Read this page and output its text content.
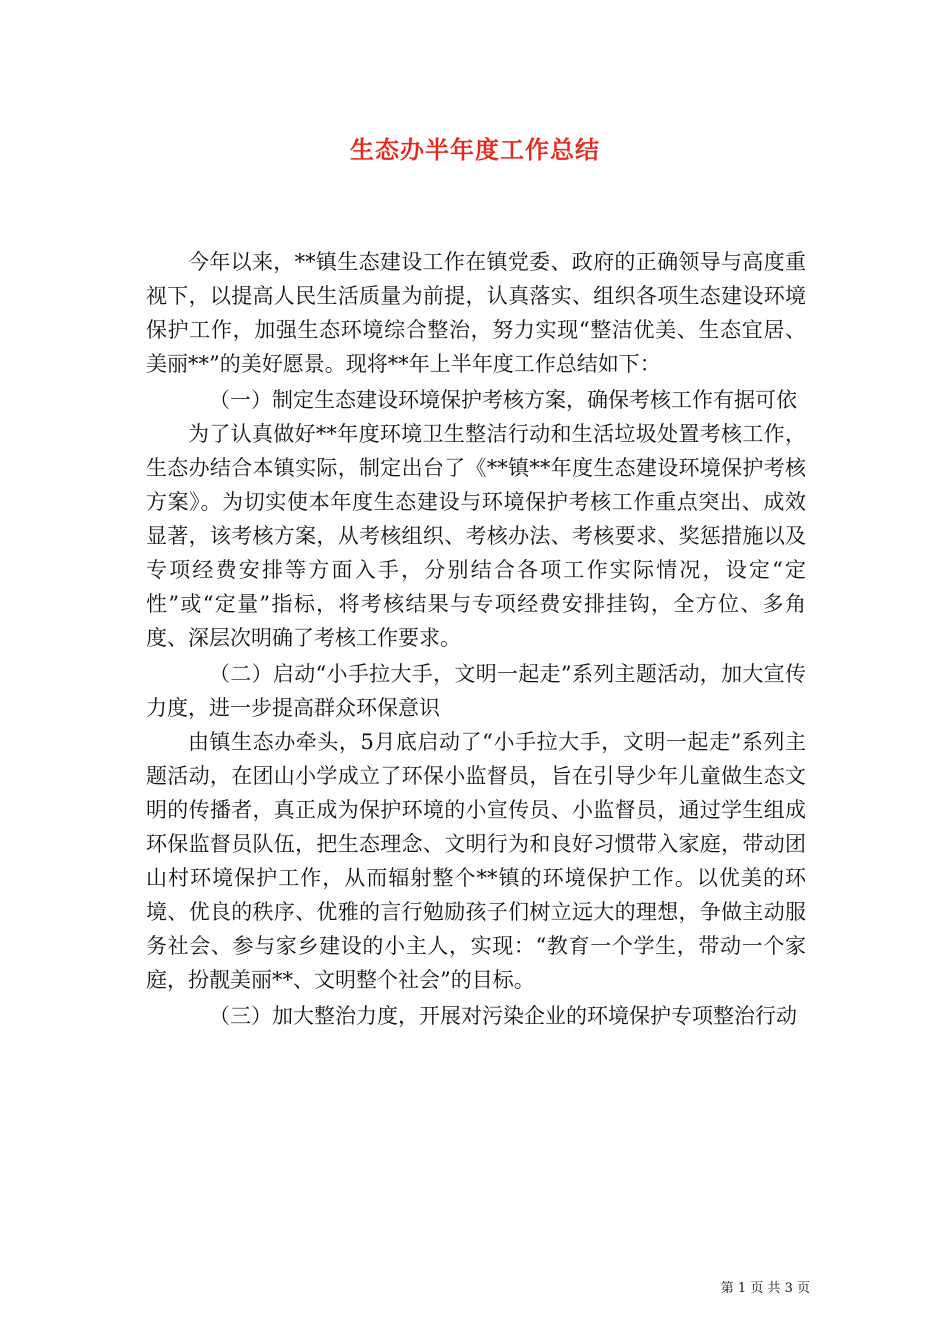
生态办半年度工作总结

今年以来，**镇生态建设工作在镇党委、政府的正确领导与高度重视下，以提高人民生活质量为前提，认真落实、组织各项生态建设环境保护工作，加强生态环境综合整治，努力实现“整洁优美、生态宜居、美丽**”的美好愿景。现将**年上半年度工作总结如下：

（一）制定生态建设环境保护考核方案，确保考核工作有据可依

为了认真做好**年度环境卫生整洁行动和生活垃圾处置考核工作，生态办结合本镇实际，制定出台了《**镇**年度生态建设环境保护考核方案》。为切实使本年度生态建设与环境保护考核工作重点突出、成效显著，该考核方案，从考核组织、考核办法、考核要求、奖惩措施以及专项经费安排等方面入手，分别结合各项工作实际情况，设定“定性”或“定量”指标，将考核结果与专项经费安排挂钩，全方位、多角度、深层次明确了考核工作要求。

（二）启动“小手拉大手，文明一起走”系列主题活动，加大宣传力度，进一步提高群众环保意识

由镇生态办牵头，5月底启动了“小手拉大手，文明一起走”系列主题活动，在团山小学成立了环保小监督员，旨在引导少年儿童做生态文明的传播者，真正成为保护环境的小宣传员、小监督员，通过学生组成环保监督员队伍，把生态理念、文明行为和良好习惯带入家庭，带动团山村环境保护工作，从而辐射整个**镇的环境保护工作。以优美的环境、优良的秩序、优雅的言行勉励孩子们树立远大的理想，争做主动服务社会、参与家乡建设的小主人，实现：“教育一个学生，带动一个家庭，扮靓美丽**、文明整个社会”的目标。

（三）加大整治力度，开展对污染企业的环境保护专项整治行动

第 1 页 共 3 页
